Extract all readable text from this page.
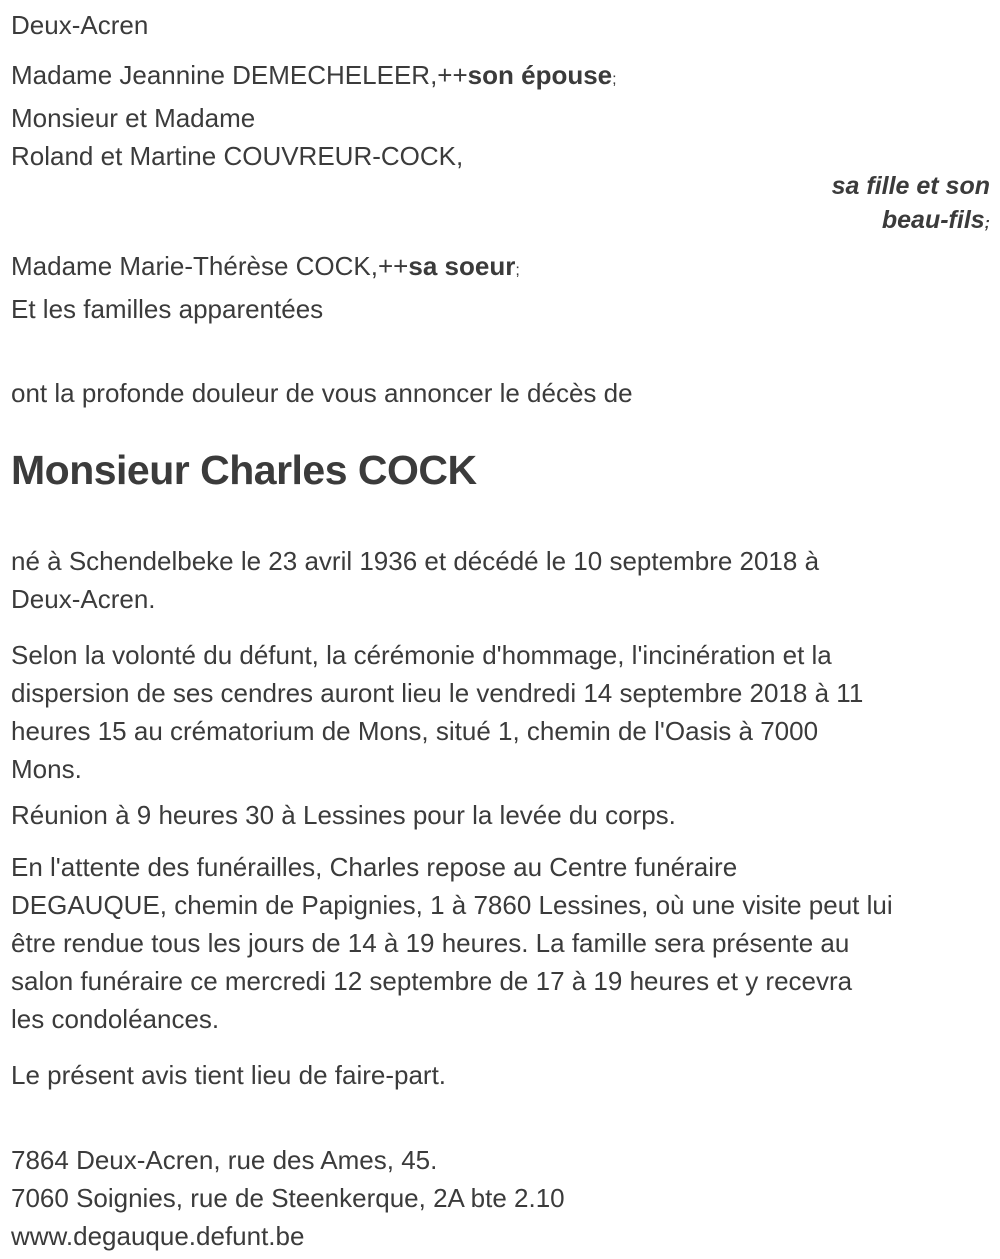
Deux-Acren
Madame Jeannine DEMECHELEER,++son épouse;
Monsieur et Madame
Roland et Martine COUVREUR-COCK,
sa fille et son
beau-fils;
Madame Marie-Thérèse COCK,++sa soeur;
Et les familles apparentées
ont la profonde douleur de vous annoncer le décès de
Monsieur Charles COCK
né à Schendelbeke le 23 avril 1936 et décédé le 10 septembre 2018 à
Deux-Acren.
Selon la volonté du défunt, la cérémonie d'hommage, l'incinération et la
dispersion de ses cendres auront lieu le vendredi 14 septembre 2018 à 11
heures 15 au crématorium de Mons, situé 1, chemin de l'Oasis à 7000
Mons.
Réunion à 9 heures 30 à Lessines pour la levée du corps.
En l'attente des funérailles, Charles repose au Centre funéraire
DEGAUQUE, chemin de Papignies, 1 à 7860 Lessines, où une visite peut lui
être rendue tous les jours de 14 à 19 heures. La famille sera présente au
salon funéraire ce mercredi 12 septembre de 17 à 19 heures et y recevra
les condoléances.
Le présent avis tient lieu de faire-part.
7864 Deux-Acren, rue des Ames, 45.
7060 Soignies, rue de Steenkerque, 2A bte 2.10
www.degauque.defunt.be
